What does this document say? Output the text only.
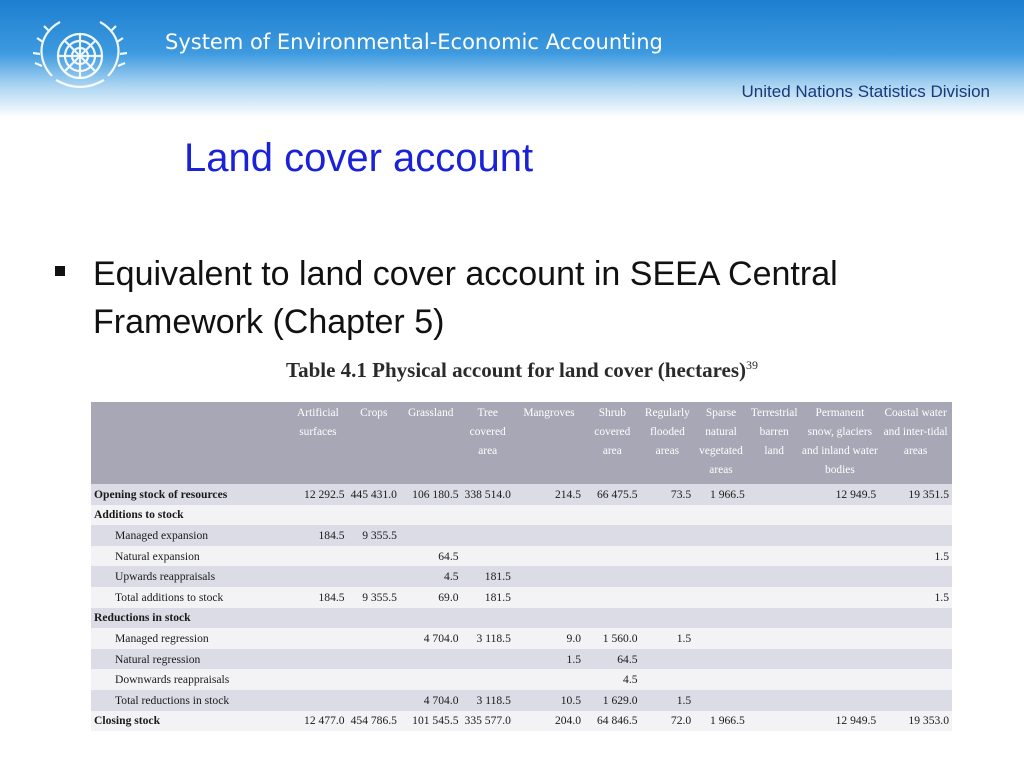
System of Environmental-Economic Accounting
United Nations Statistics Division
Land cover account
Equivalent to land cover account in SEEA Central Framework (Chapter 5)
Table 4.1 Physical account for land cover (hectares)$^{39}$
	Artificial surfaces	Crops	Grassland	Tree covered area	Mangroves	Shrub covered area	Regularly flooded areas	Sparse natural vegetated areas	Terrestrial barren land	Permanent snow, glaciers and inland water bodies	Coastal water and inter-tidal areas
Opening stock of resources	12 292.5	445 431.0	106 180.5	338 514.0	214.5	66 475.5	73.5	1 966.5		12 949.5	19 351.5
Additions to stock											
Managed expansion	184.5	9 355.5									
Natural expansion			64.5								1.5
Upwards reappraisals			4.5	181.5							
Total additions to stock	184.5	9 355.5	69.0	181.5							1.5
Reductions in stock											
Managed regression			4 704.0	3 118.5	9.0	1 560.0	1.5				
Natural regression					1.5	64.5					
Downwards reappraisals						4.5					
Total reductions in stock			4 704.0	3 118.5	10.5	1 629.0	1.5				
Closing stock	12 477.0	454 786.5	101 545.5	335 577.0	204.0	64 846.5	72.0	1 966.5		12 949.5	19 353.0
